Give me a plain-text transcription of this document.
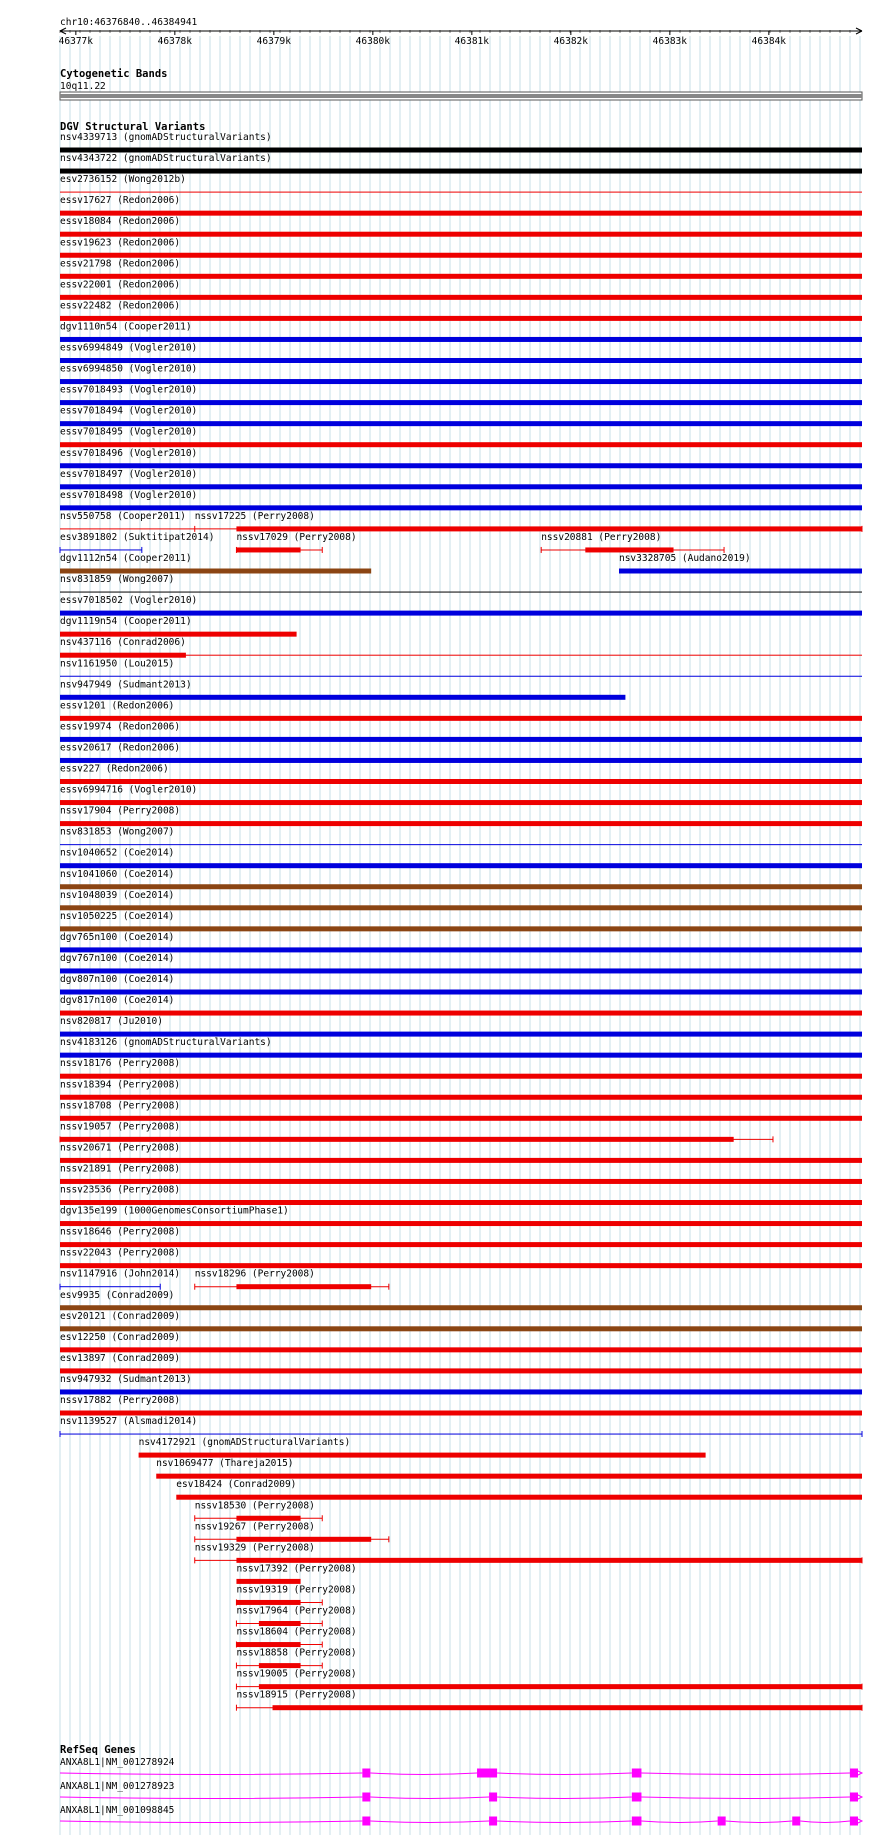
chr10:46376840..46384941
46377k	46378k	46379k	46380k	46381k	46382k	46383k	46384k
Cytogenetic Bands
10q11.22
DGV Structural Variants
nsv4339713 (gnomADStructuralVariants)
nsv4343722 (gnomADStructuralVariants)
esv2736152 (Wong2012b)
essv17627 (Redon2006)
essv18084 (Redon2006)
essv19623 (Redon2006)
essv21798 (Redon2006)
essv22001 (Redon2006)
essv22482 (Redon2006)
dgv1110n54 (Cooper2011)
essv6994849 (Vogler2010)
essv6994850 (Vogler2010)
essv7018493 (Vogler2010)
essv7018494 (Vogler2010)
essv7018495 (Vogler2010)
essv7018496 (Vogler2010)
essv7018497 (Vogler2010)
essv7018498 (Vogler2010)
nsv550758 (Cooper2011) nssv17225 (Perry2008)
esv3891802 (Suktitipat2014) nssv17029 (Perry2008)	nssv20881 (Perry2008)
dgv1112n54 (Cooper2011)	nsv3328705 (Audano2019)
nsv831859 (Wong2007)
essv7018502 (Vogler2010)
dgv1119n54 (Cooper2011)
nsv437116 (Conrad2006)
nsv1161950 (Lou2015)
nsv947949 (Sudmant2013)
essv1201 (Redon2006)
essv19974 (Redon2006)
essv20617 (Redon2006)
essv227 (Redon2006)
essv6994716 (Vogler2010)
nssv17904 (Perry2008)
nsv831853 (Wong2007)
nsv1040652 (Coe2014)
nsv1041060 (Coe2014)
nsv1048039 (Coe2014)
nsv1050225 (Coe2014)
dgv765n100 (Coe2014)
dgv767n100 (Coe2014)
dgv807n100 (Coe2014)
dgv817n100 (Coe2014)
nsv820817 (Ju2010)
nsv4183126 (gnomADStructuralVariants)
nssv18176 (Perry2008)
nssv18394 (Perry2008)
nssv18708 (Perry2008)
nssv19057 (Perry2008)
nssv20671 (Perry2008)
nssv21891 (Perry2008)
nssv23536 (Perry2008)
dgv135e199 (1000GenomesConsortiumPhase1)
nssv18646 (Perry2008)
nssv22043 (Perry2008)
nsv1147916 (John2014) nssv18296 (Perry2008)
esv9935 (Conrad2009)
esv20121 (Conrad2009)
esv12250 (Conrad2009)
esv13897 (Conrad2009)
nsv947932 (Sudmant2013)
nssv17882 (Perry2008)
nsv1139527 (Alsmadi2014)
nsv4172921 (gnomADStructuralVariants)
nsv1069477 (Thareja2015)
esv18424 (Conrad2009)
nssv18530 (Perry2008)
nssv19267 (Perry2008)
nssv19329 (Perry2008)
nssv17392 (Perry2008)
nssv19319 (Perry2008)
nssv17964 (Perry2008)
nssv18604 (Perry2008)
nssv18858 (Perry2008)
nssv19005 (Perry2008)
nssv18915 (Perry2008)
RefSeq Genes
ANXA8L1|NM_001278924
ANXA8L1|NM_001278923
ANXA8L1|NM_001098845
